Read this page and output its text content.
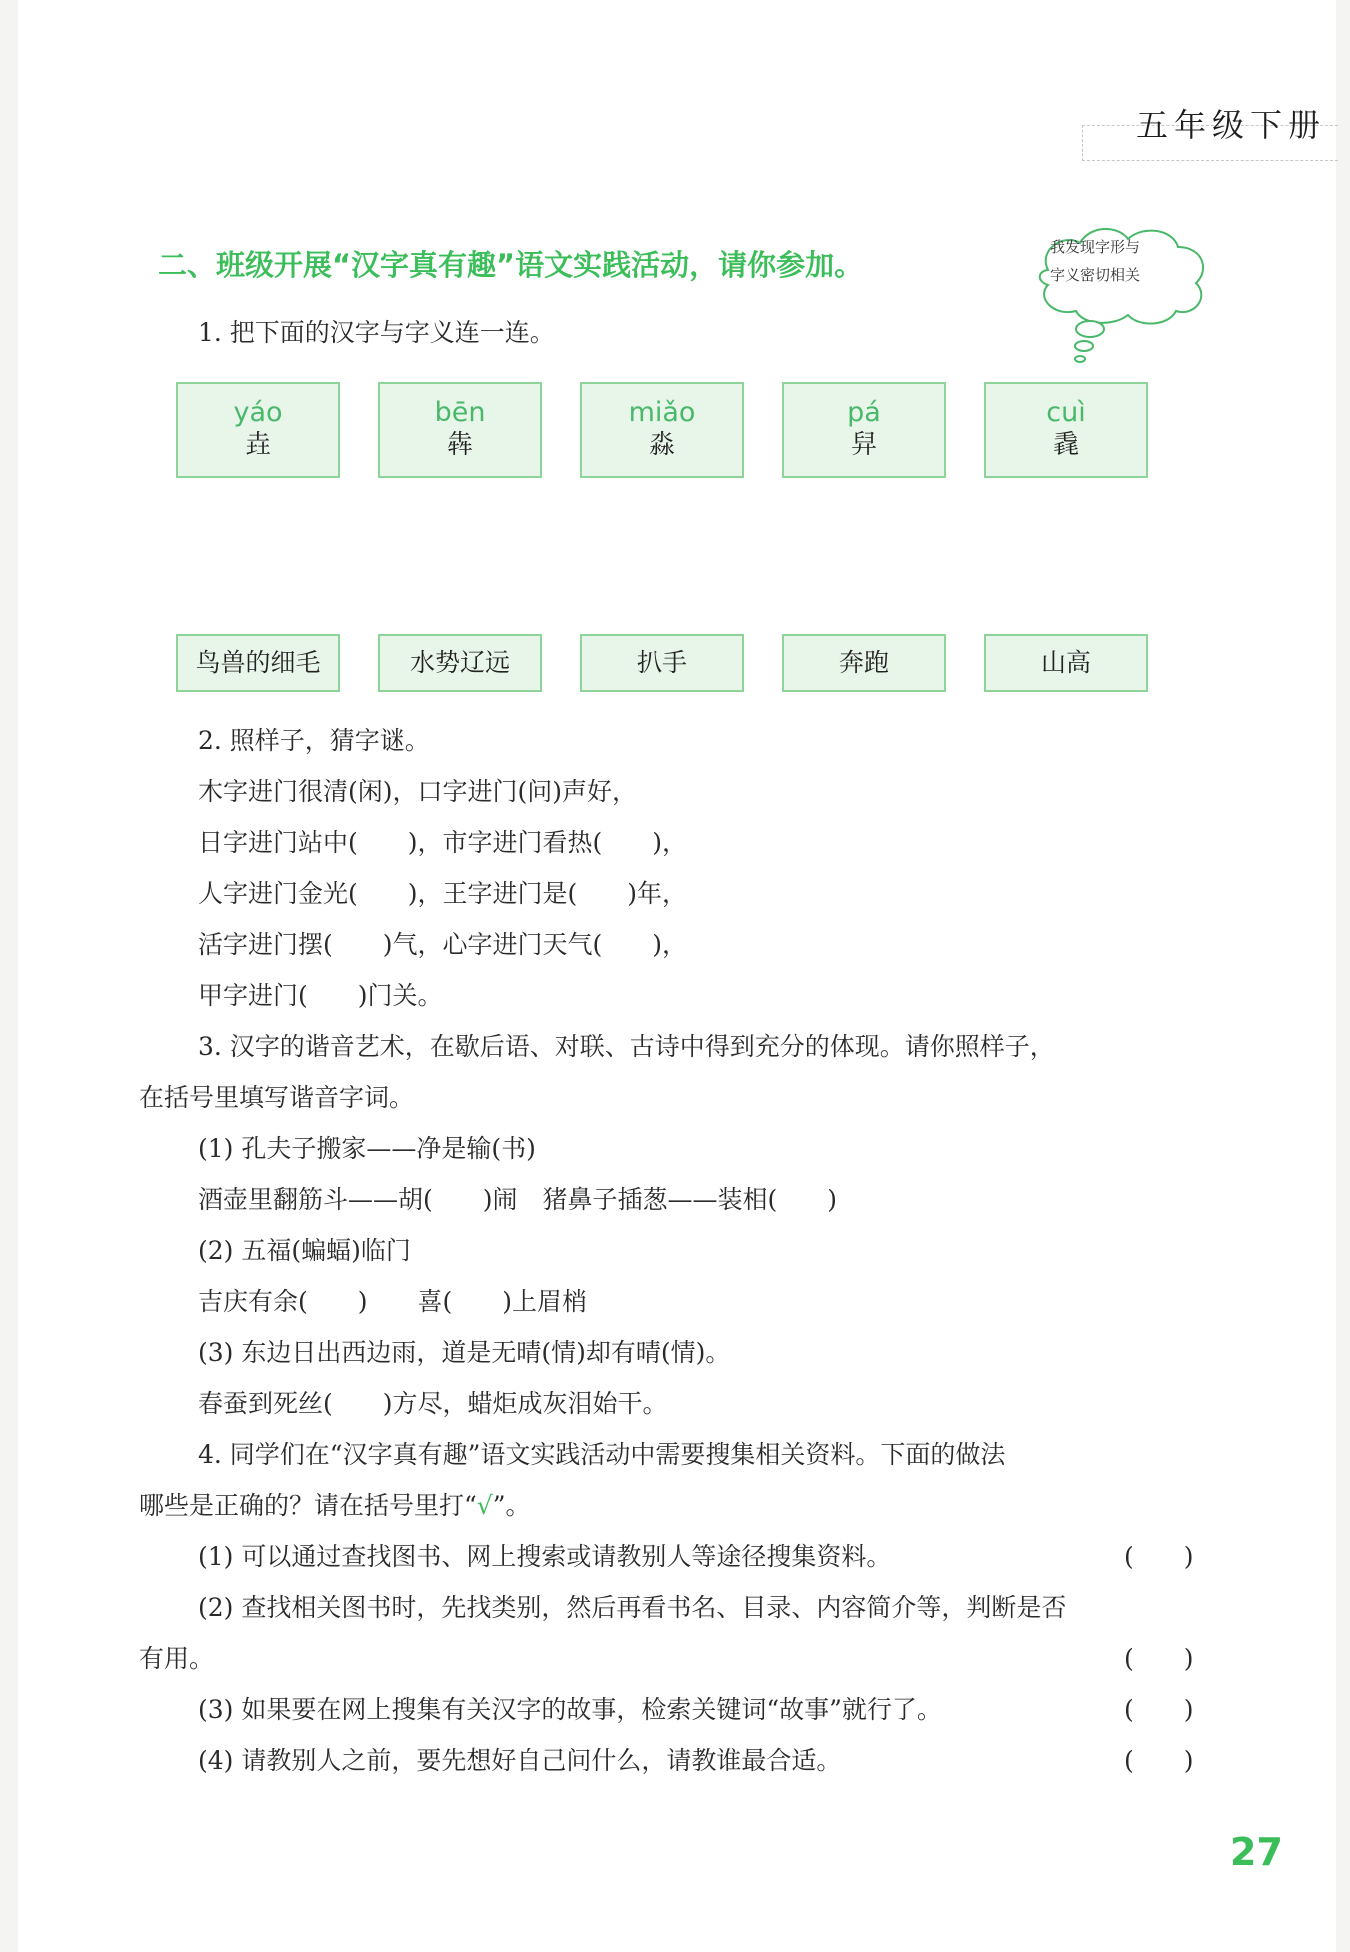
五年级下册
二、班级开展“汉字真有趣”语文实践活动，请你参加。
我发现字形与
字义密切相关
1. 把下面的汉字与字义连一连。
yáo
垚
bēn
犇
miǎo
淼
pá
舁
cuì
毳
鸟兽的细毛	水势辽远	扒手	奔跑	山高
2. 照样子，猜字谜。
木字进门很清(闲)，口字进门(问)声好，
日字进门站中(　　)，市字进门看热(　　)，
人字进门金光(　　)，王字进门是(　　)年，
活字进门摆(　　)气，心字进门天气(　　)，
甲字进门(　　)门关。
3. 汉字的谐音艺术，在歇后语、对联、古诗中得到充分的体现。请你照样子，
在括号里填写谐音字词。
(1) 孔夫子搬家——净是输(书)
酒壶里翻筋斗——胡(　　)闹　猪鼻子插葱——装相(　　)
(2) 五福(蝙蝠)临门
吉庆有余(　　)　　喜(　　)上眉梢
(3) 东边日出西边雨，道是无晴(情)却有晴(情)。
春蚕到死丝(　　)方尽，蜡炬成灰泪始干。
4. 同学们在“汉字真有趣”语文实践活动中需要搜集相关资料。下面的做法
哪些是正确的？请在括号里打“√”。
(1) 可以通过查找图书、网上搜索或请教别人等途径搜集资料。	(　　)
(2) 查找相关图书时，先找类别，然后再看书名、目录、内容简介等，判断是否
有用。	(　　)
(3) 如果要在网上搜集有关汉字的故事，检索关键词“故事”就行了。	(　　)
(4) 请教别人之前，要先想好自己问什么，请教谁最合适。	(　　)
27
